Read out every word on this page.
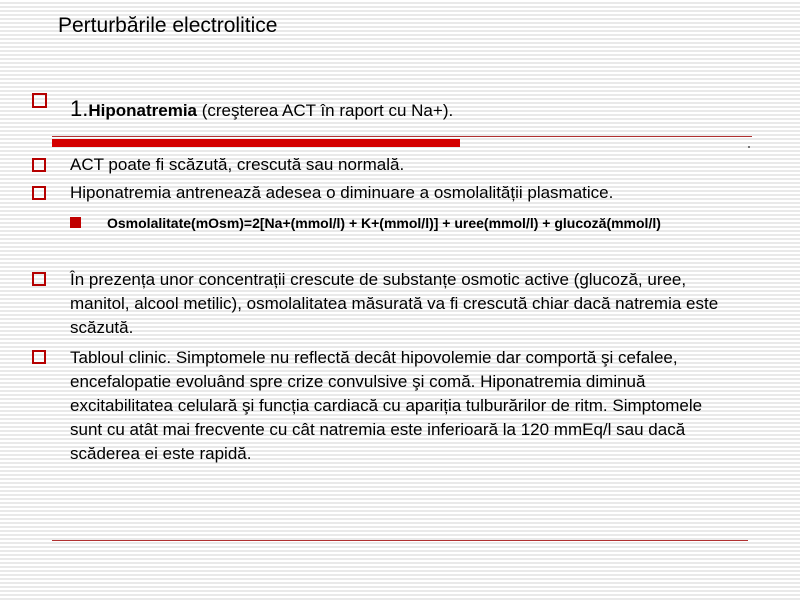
Perturbările electrolitice
1.Hiponatremia (creşterea ACT în raport cu Na+).
ACT poate fi scăzută, crescută sau normală.
Hiponatremia antrenează adesea o diminuare a osmolalității plasmatice.
Osmolalitate(mOsm)=2[Na+(mmol/l) + K+(mmol/l)] + uree(mmol/l) + glucoză(mmol/l)
În prezența unor concentrații crescute de substanțe osmotic active (glucoză, uree,
manitol, alcool metilic), osmolalitatea măsurată va fi crescută chiar dacă natremia este
scăzută.
Tabloul clinic. Simptomele nu reflectă decât hipovolemie dar comportă şi cefalee,
encefalopatie evoluând spre crize convulsive şi comă. Hiponatremia diminuă
excitabilitatea celulară şi funcția cardiacă cu apariția tulburărilor de ritm. Simptomele
sunt cu atât mai frecvente cu cât natremia este inferioară la 120 mmEq/l sau dacă
scăderea ei este rapidă.
